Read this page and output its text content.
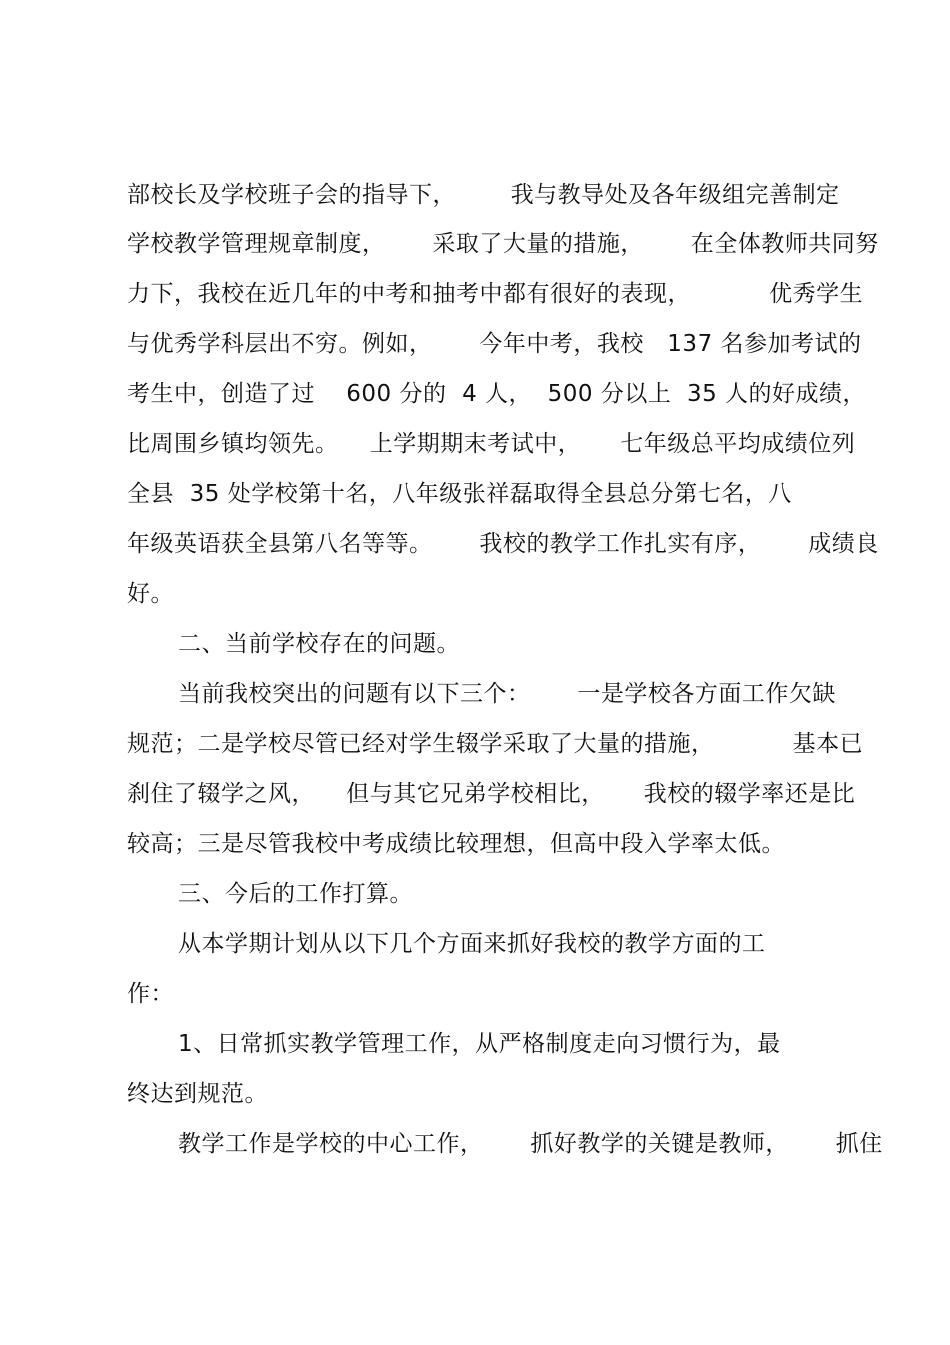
部校长及学校班子会的指导下，       我与教导处及各年级组完善制定
学校教学管理规章制度，      采取了大量的措施，      在全体教师共同努
力下，我校在近几年的中考和抽考中都有很好的表现，          优秀学生
与优秀学科层出不穷。例如，      今年中考，我校   137 名参加考试的
考生中，创造了过    600 分的  4 人，  500 分以上  35 人的好成绩，
比周围乡镇均领先。    上学期期末考试中，     七年级总平均成绩位列
全县  35 处学校第十名，八年级张祥磊取得全县总分第七名，八
年级英语获全县第八名等等。      我校的教学工作扎实有序，      成绩良
好。
二、当前学校存在的问题。
当前我校突出的问题有以下三个：      一是学校各方面工作欠缺
规范；二是学校尽管已经对学生辍学采取了大量的措施，          基本已
刹住了辍学之风，    但与其它兄弟学校相比，     我校的辍学率还是比
较高；三是尽管我校中考成绩比较理想，但高中段入学率太低。
三、今后的工作打算。
从本学期计划从以下几个方面来抓好我校的教学方面的工
作：
1、日常抓实教学管理工作，从严格制度走向习惯行为，最
终达到规范。
教学工作是学校的中心工作，      抓好教学的关键是教师，      抓住
